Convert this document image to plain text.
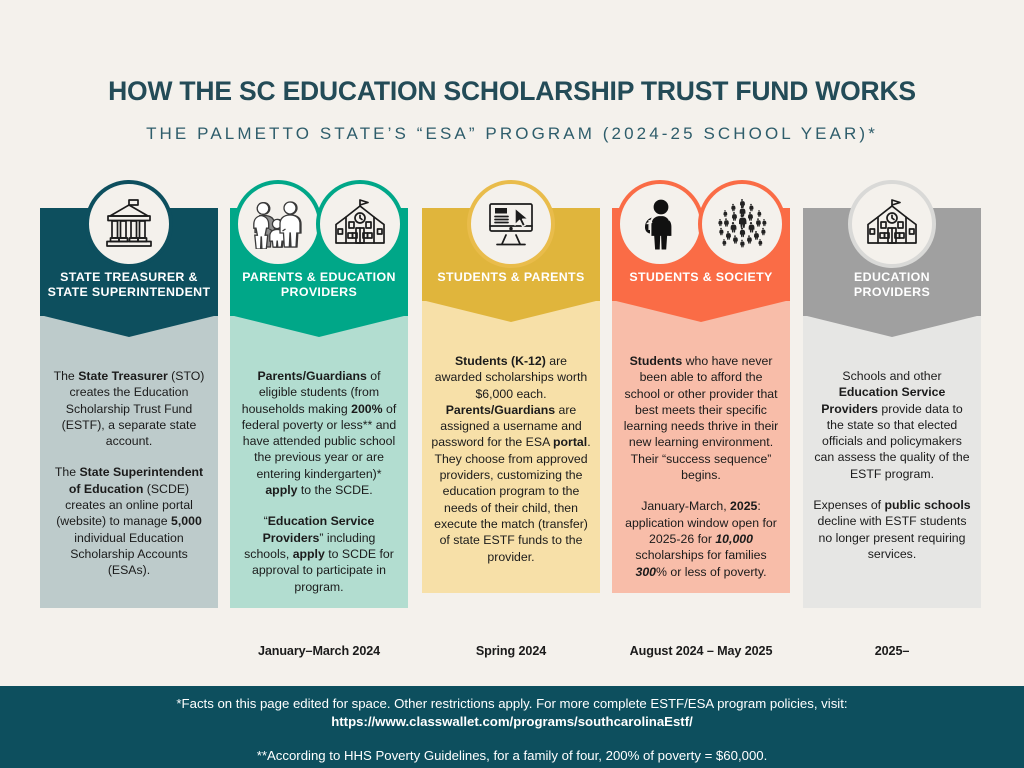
HOW THE SC EDUCATION SCHOLARSHIP TRUST FUND WORKS
THE PALMETTO STATE’S “ESA” PROGRAM (2024-25 SCHOOL YEAR)*
STATE TREASURER &
STATE SUPERINTENDENT

The State Treasurer (STO) creates the Education Scholarship Trust Fund (ESTF), a separate state account.

The State Superintendent of Education (SCDE) creates an online portal (website) to manage 5,000 individual Education Scholarship Accounts (ESAs).

PARENTS & EDUCATION
PROVIDERS

Parents/Guardians of eligible students (from households making 200% of federal poverty or less** and have attended public school the previous year or are entering kindergarten)* apply to the SCDE.

“Education Service Providers” including schools, apply to SCDE for approval to participate in program.

January–March 2024
STUDENTS & PARENTS

Students (K-12) are awarded scholarships worth $6,000 each. Parents/Guardians are assigned a username and password for the ESA portal. They choose from approved providers, customizing the education program to the needs of their child, then execute the match (transfer) of state ESTF funds to the provider.

Spring 2024
STUDENTS & SOCIETY

Students who have never been able to afford the school or other provider that best meets their specific learning needs thrive in their new learning environment. Their “success sequence” begins.

January-March, 2025: application window open for 2025-26 for 10,000 scholarships for families 300% or less of poverty.

August 2024 – May 2025
EDUCATION
PROVIDERS

Schools and other Education Service Providers provide data to the state so that elected officials and policymakers can assess the quality of the ESTF program.

Expenses of public schools decline with ESTF students no longer present requiring services.

2025–
*Facts on this page edited for space. Other restrictions apply. For more complete ESTF/ESA program policies, visit:
https://www.classwallet.com/programs/southcarolinaEstf/
**According to HHS Poverty Guidelines, for a family of four, 200% of poverty = $60,000.
